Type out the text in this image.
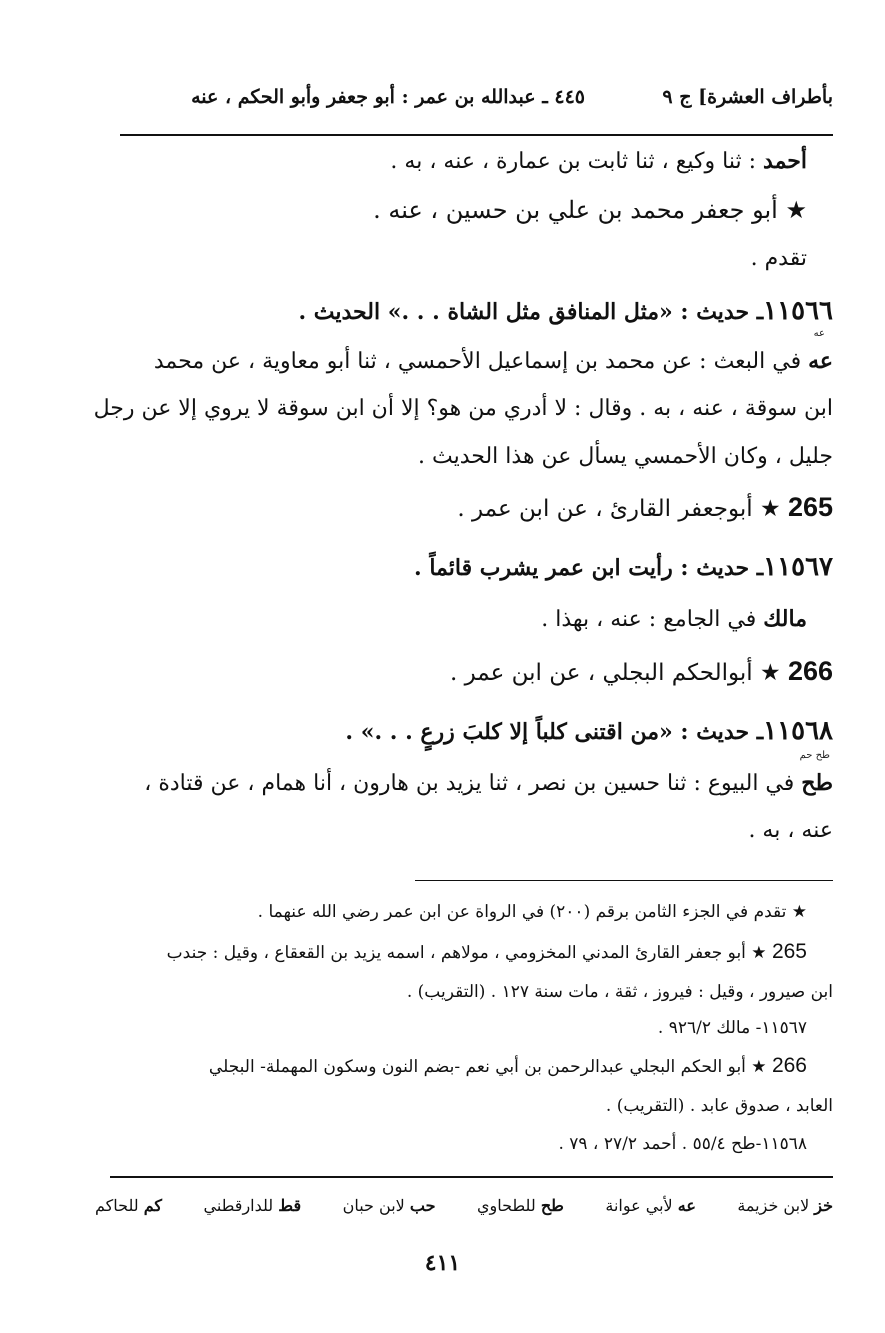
بأطراف العشرة] ج ٩
٤٤٥ ـ عبدالله بن عمر : أبو جعفر وأبو الحكم ، عنه
أحمد : ثنا وكيع ، ثنا ثابت بن عمارة ، عنه ، به .
★ أبو جعفر محمد بن علي بن حسين ، عنه .
تقدم .
١١٥٦٦ـ حديث : «مثل المنافق مثل الشاة . . .» الحديث .
عه
عه في البعث : عن محمد بن إسماعيل الأحمسي ، ثنا أبو معاوية ، عن محمد
ابن سوقة ، عنه ، به . وقال : لا أدري من هو؟ إلا أن ابن سوقة لا يروي إلا عن رجل
جليل ، وكان الأحمسي يسأل عن هذا الحديث .
265 ★ أبوجعفر القارئ ، عن ابن عمر .
١١٥٦٧ـ حديث : رأيت ابن عمر يشرب قائماً .
مالك في الجامع : عنه ، بهذا .
266 ★ أبوالحكم البجلي ، عن ابن عمر .
١١٥٦٨ـ حديث : «من اقتنى كلباً إلا كلبَ زرعٍ . . .» .
طح حم
طح في البيوع : ثنا حسين بن نصر ، ثنا يزيد بن هارون ، أنا همام ، عن قتادة ،
عنه ، به .
★ تقدم في الجزء الثامن برقم (٢٠٠) في الرواة عن ابن عمر رضي الله عنهما .
265 ★ أبو جعفر القارئ المدني المخزومي ، مولاهم ، اسمه يزيد بن القعقاع ، وقيل : جندب
ابن صيرور ، وقيل : فيروز ، ثقة ، مات سنة ١٢٧ . (التقريب) .
١١٥٦٧- مالك ٩٢٦/٢ .
266 ★ أبو الحكم البجلي عبدالرحمن بن أبي نعم -بضم النون وسكون المهملة- البجلي
العابد ، صدوق عابد . (التقريب) .
١١٥٦٨-طح ٥٥/٤ . أحمد ٢٧/٢ ، ٧٩ .
خز لابن خزيمة
عه لأبي عوانة
طح للطحاوي
حب لابن حبان
قط للدارقطني
كم للحاكم
٤١١
